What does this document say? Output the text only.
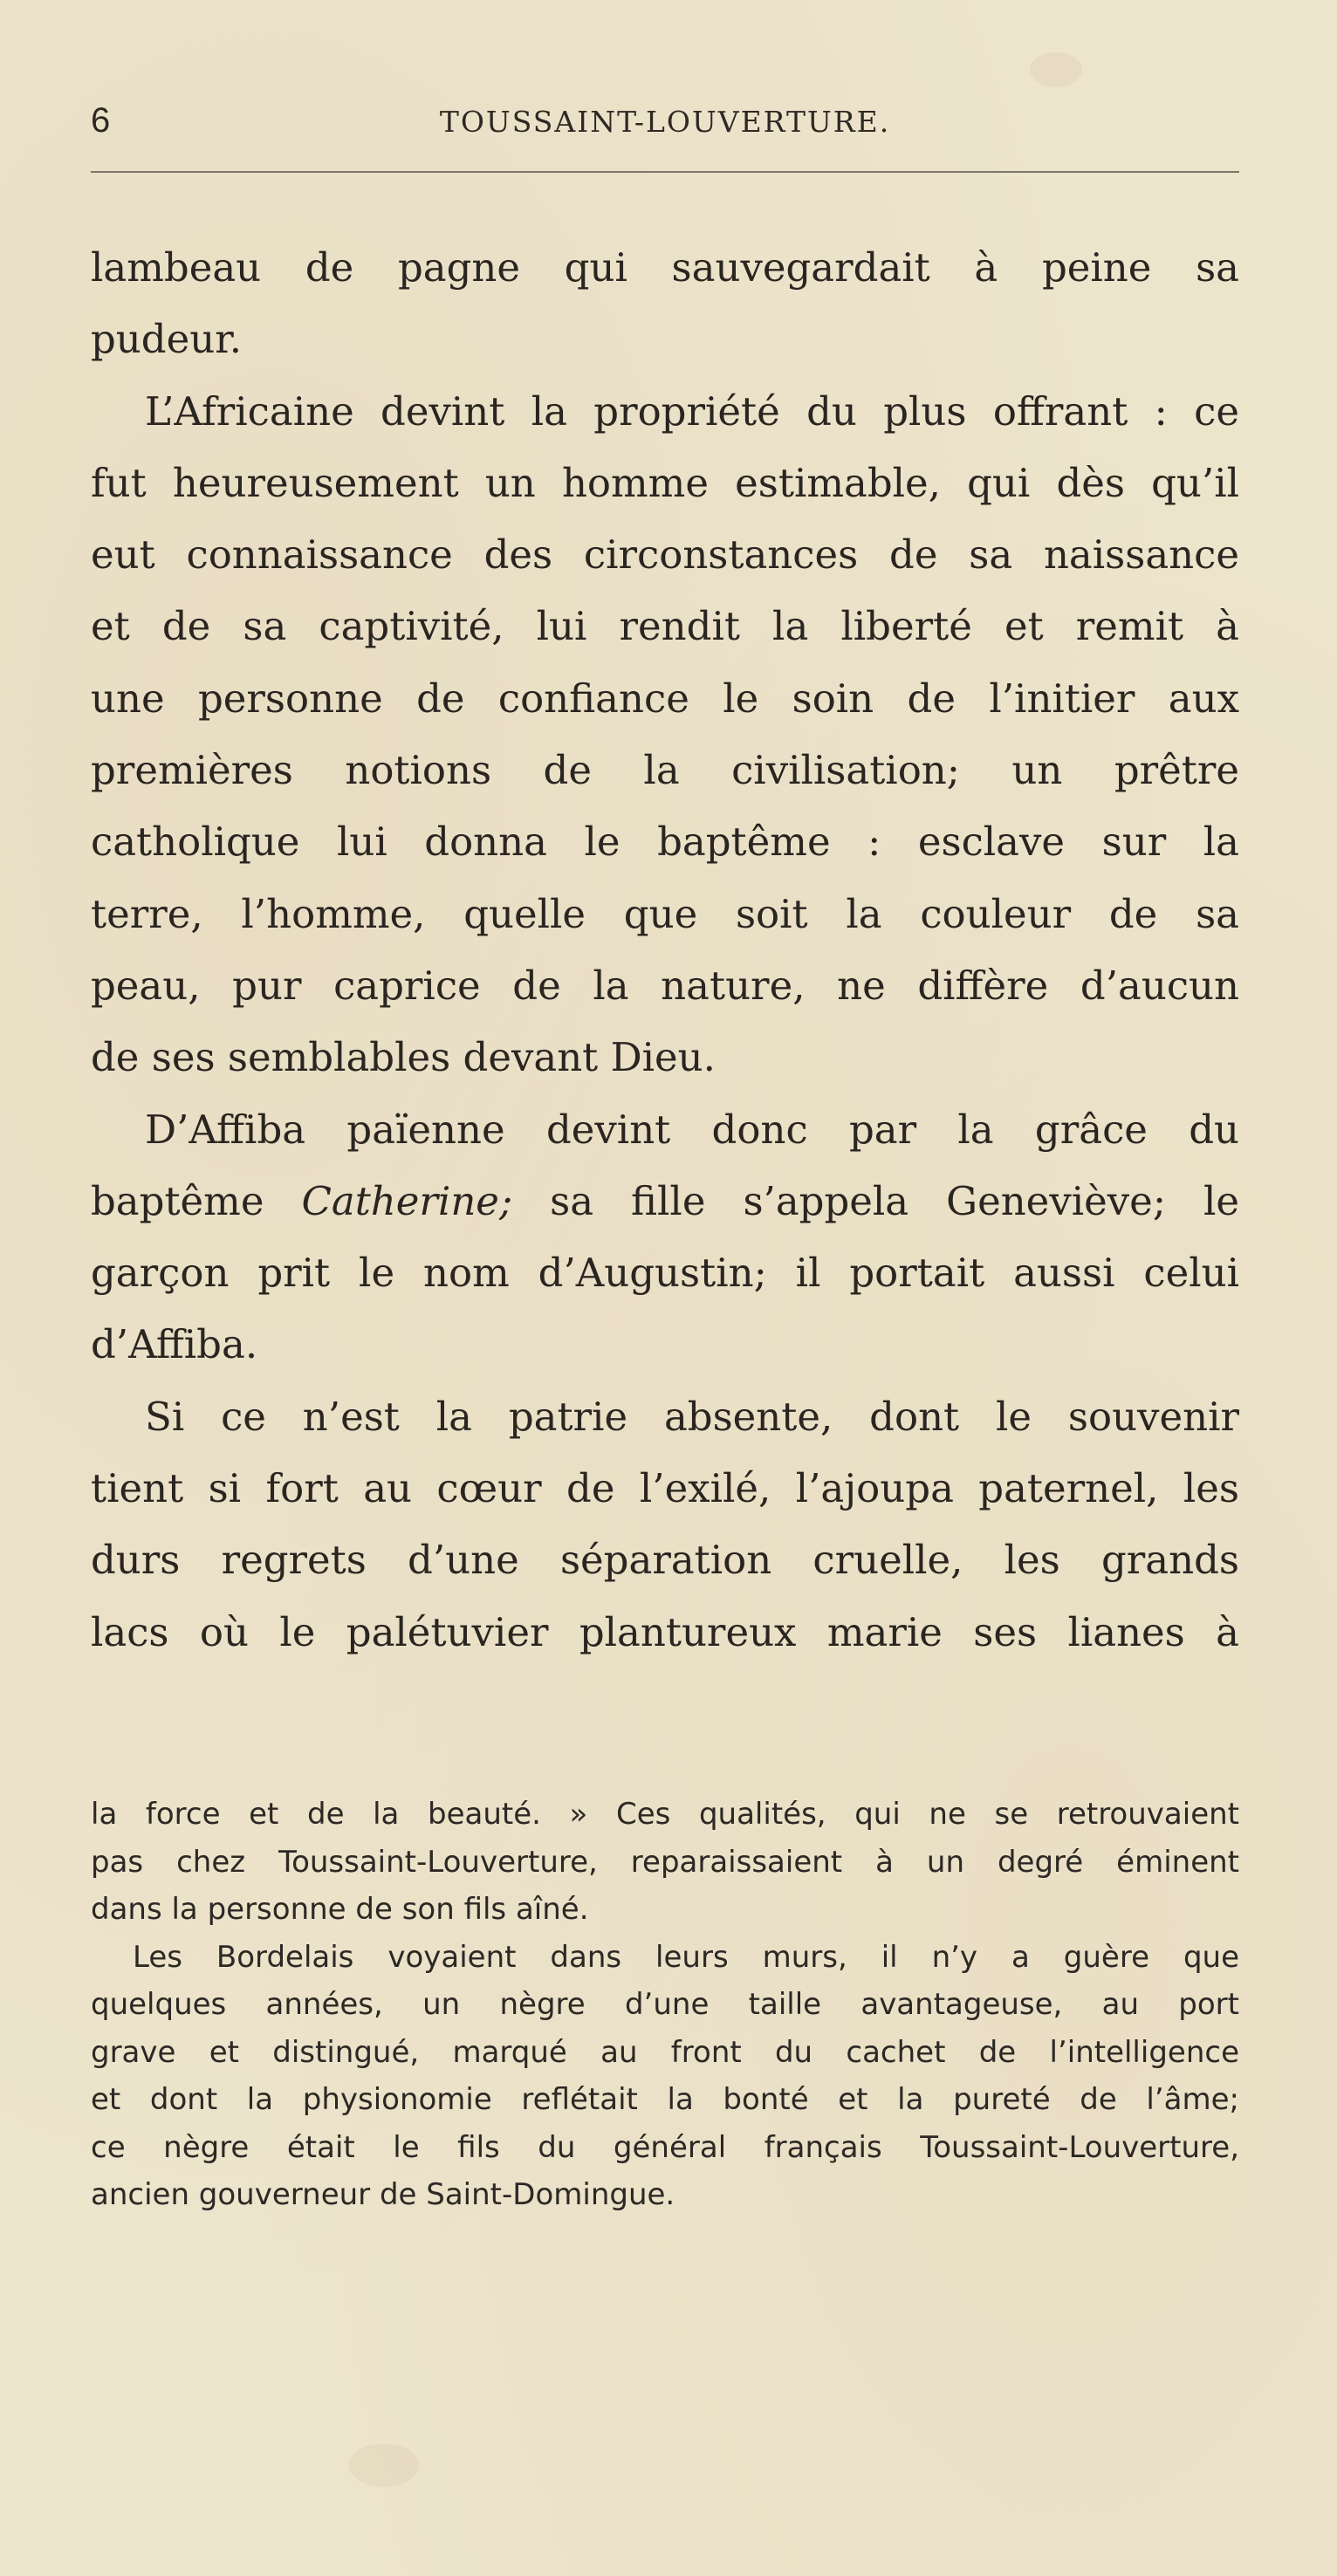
6	TOUSSAINT-LOUVERTURE.
lambeau de pagne qui sauvegardait à peine sa
pudeur.
L’Africaine devint la propriété du plus offrant : ce
fut heureusement un homme estimable, qui dès qu’il
eut connaissance des circonstances de sa naissance
et de sa captivité, lui rendit la liberté et remit à
une personne de confiance le soin de l’initier aux
premières notions de la civilisation; un prêtre
catholique lui donna le baptême : esclave sur la
terre, l’homme, quelle que soit la couleur de sa
peau, pur caprice de la nature, ne diffère d’aucun
de ses semblables devant Dieu.
D’Affiba païenne devint donc par la grâce du
baptême Catherine; sa fille s’appela Geneviève; le
garçon prit le nom d’Augustin; il portait aussi celui
d’Affiba.
Si ce n’est la patrie absente, dont le souvenir
tient si fort au cœur de l’exilé, l’ajoupa paternel, les
durs regrets d’une séparation cruelle, les grands
lacs où le palétuvier plantureux marie ses lianes à
la force et de la beauté. » Ces qualités, qui ne se retrouvaient
pas chez Toussaint-Louverture, reparaissaient à un degré éminent
dans la personne de son fils aîné.
Les Bordelais voyaient dans leurs murs, il n’y a guère que
quelques années, un nègre d’une taille avantageuse, au port
grave et distingué, marqué au front du cachet de l’intelligence
et dont la physionomie reflétait la bonté et la pureté de l’âme;
ce nègre était le fils du général français Toussaint-Louverture,
ancien gouverneur de Saint-Domingue.
